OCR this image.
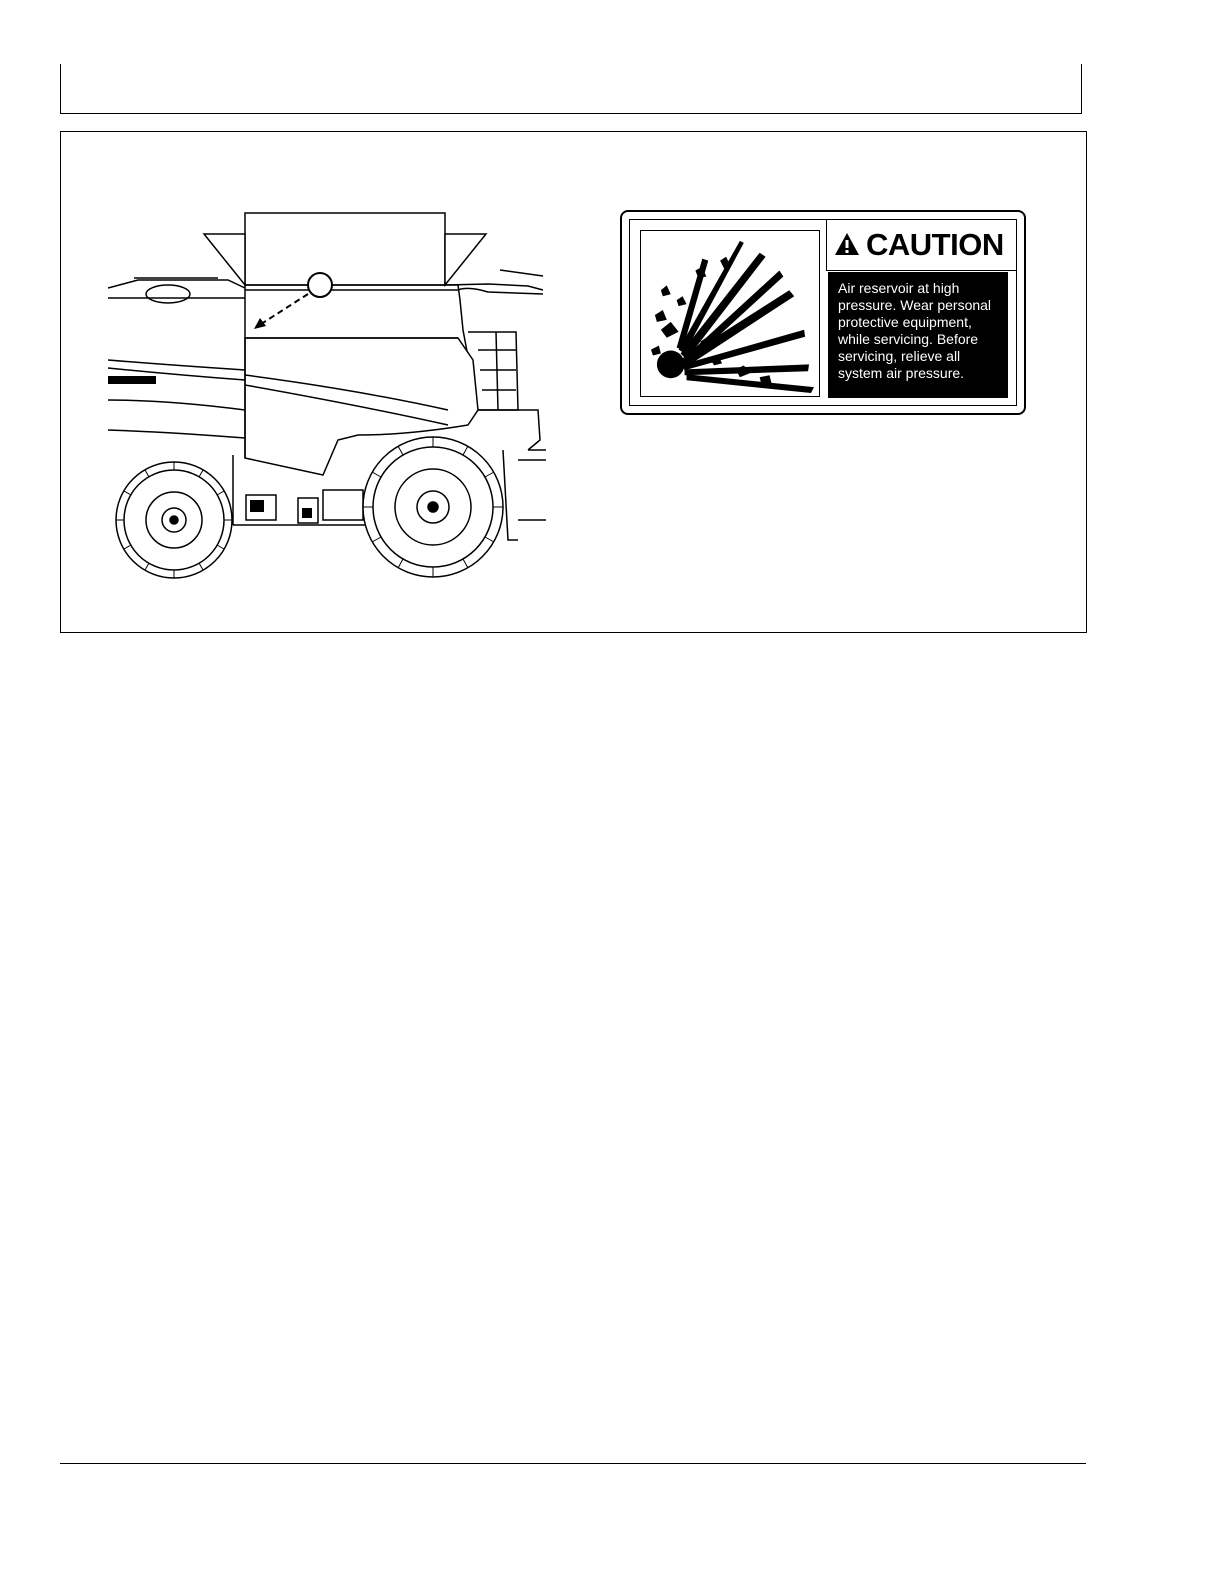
CAUTION
Air reservoir at high pressure. Wear personal protective equipment, while servicing. Before servicing, relieve all system air pressure.
